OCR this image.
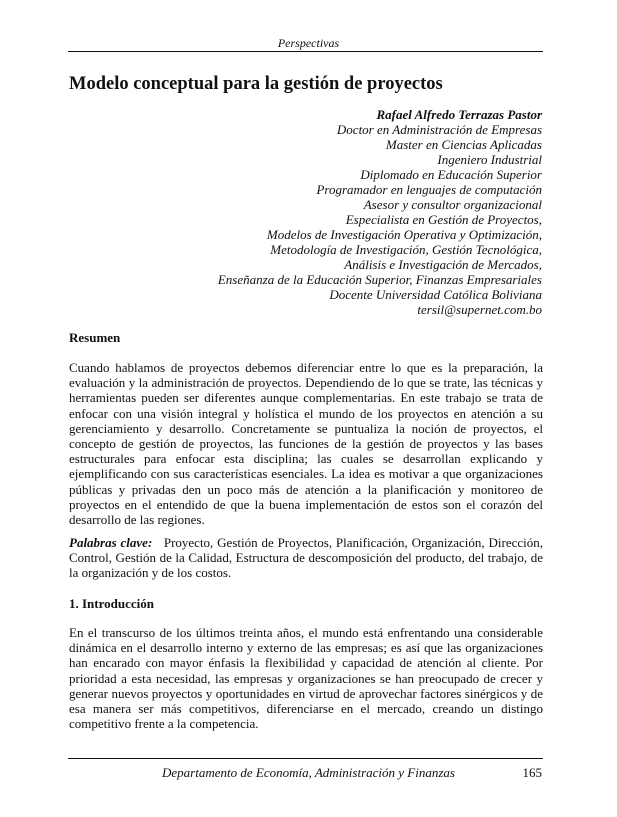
Perspectivas
Modelo conceptual para la gestión de proyectos
Rafael Alfredo Terrazas Pastor
Doctor en Administración de Empresas
Master en Ciencias Aplicadas
Ingeniero Industrial
Diplomado en Educación Superior
Programador en lenguajes de computación
Asesor y consultor organizacional
Especialista en Gestión de Proyectos,
Modelos de Investigación Operativa y Optimización,
Metodología de Investigación, Gestión Tecnológica,
Análisis e Investigación de Mercados,
Enseñanza de la Educación Superior, Finanzas Empresariales
Docente Universidad Católica Boliviana
tersil@supernet.com.bo
Resumen

Cuando hablamos de proyectos debemos diferenciar entre lo que es la preparación, la evaluación y la administración de proyectos. Dependiendo de lo que se trate, las técnicas y herramientas pueden ser diferentes aunque complementarias. En este trabajo se trata de enfocar con una visión integral y holística el mundo de los proyectos en atención a su gerenciamiento y desarrollo. Concretamente se puntualiza la noción de proyectos, el concepto de gestión de proyectos, las funciones de la gestión de proyectos y las bases estructurales para enfocar esta disciplina; las cuales se desarrollan explicando y ejemplificando con sus características esenciales. La idea es motivar a que organizaciones públicas y privadas den un poco más de atención a la planificación y monitoreo de proyectos en el entendido de que la buena implementación de estos son el corazón del desarrollo de las regiones.

Palabras clave: Proyecto, Gestión de Proyectos, Planificación, Organización, Dirección, Control, Gestión de la Calidad, Estructura de descomposición del producto, del trabajo, de la organización y de los costos.

1. Introducción

En el transcurso de los últimos treinta años, el mundo está enfrentando una considerable dinámica en el desarrollo interno y externo de las empresas; es así que las organizaciones han encarado con mayor énfasis la flexibilidad y capacidad de atención al cliente. Por prioridad a esta necesidad, las empresas y organizaciones se han preocupado de crecer y generar nuevos proyectos y oportunidades en virtud de aprovechar factores sinérgicos y de esa manera ser más competitivos, diferenciarse en el mercado, creando un distingo competitivo frente a la competencia.

Departamento de Economía, Administración y Finanzas	165
